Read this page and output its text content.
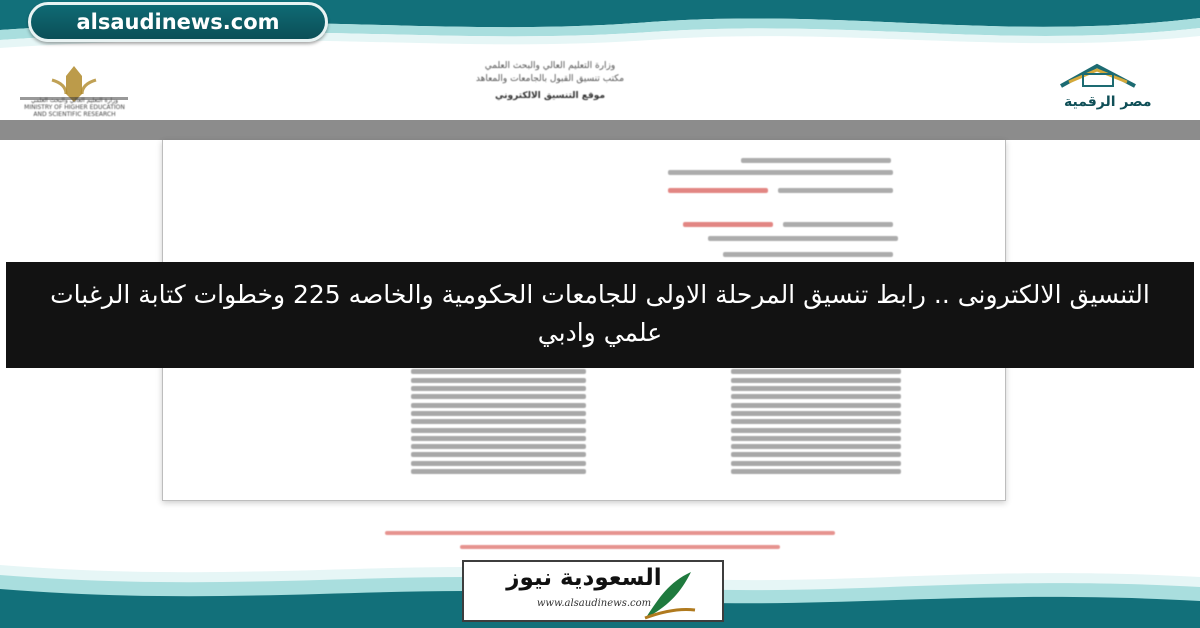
alsaudinews.com
وزارة التعليم العالي والبحث العلمي
MINISTRY OF HIGHER EDUCATION
AND SCIENTIFIC RESEARCH
وزارة التعليم العالي والبحث العلمي
مكتب تنسيق القبول بالجامعات والمعاهد
موقع التنسيق الالكتروني	مصر الرقمية
التنسيق الالكترونى .. رابط تنسيق المرحلة الاولى للجامعات الحكومية والخاصه 225 وخطوات كتابة الرغبات علمي وادبي
السعودية نيوز
www.alsaudinews.com
